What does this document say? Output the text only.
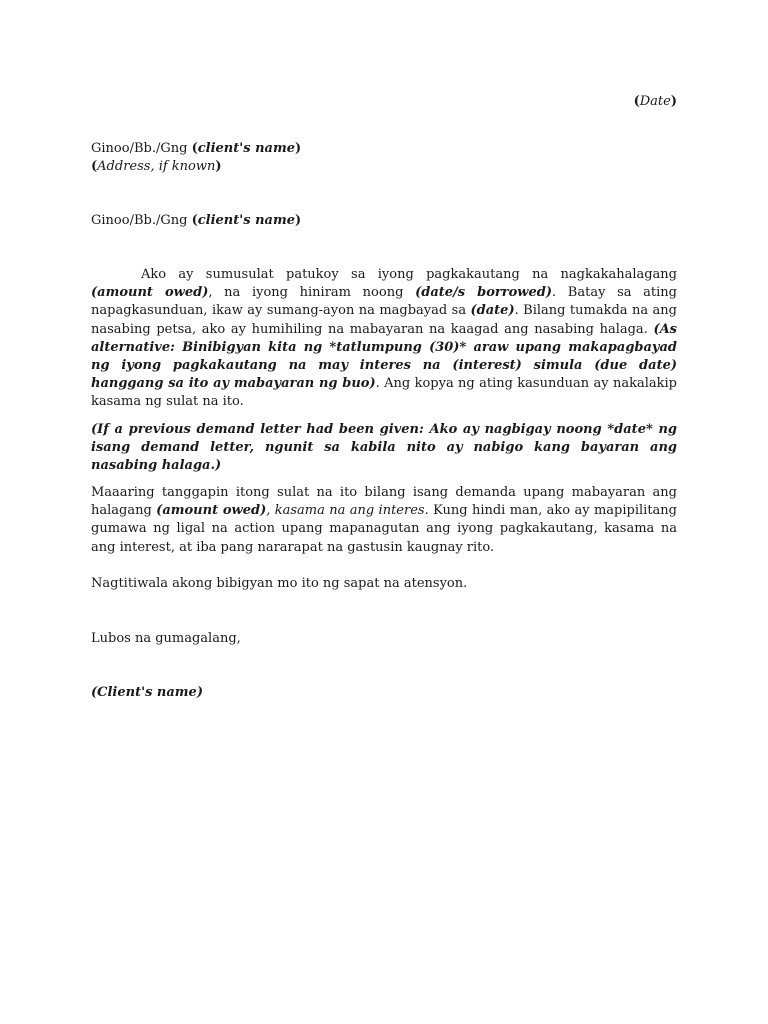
(Date)
Ginoo/Bb./Gng (client's name)
(Address, if known)
Ginoo/Bb./Gng (client's name)

Ako ay sumusulat patukoy sa iyong pagkakautang na nagkakahalagang (amount owed), na iyong hiniram noong (date/s borrowed). Batay sa ating napagkasunduan, ikaw ay sumang-ayon na magbayad sa (date). Bilang tumakda na ang nasabing petsa, ako ay humihiling na mabayaran na kaagad ang nasabing halaga. (As alternative: Binibigyan kita ng *tatlumpung (30)* araw upang makapagbayad ng iyong pagkakautang na may interes na (interest) simula (due date) hanggang sa ito ay mabayaran ng buo). Ang kopya ng ating kasunduan ay nakalakip kasama ng sulat na ito.

(If a previous demand letter had been given: Ako ay nagbigay noong *date* ng isang demand letter, ngunit sa kabila nito ay nabigo kang bayaran ang nasabing halaga.)

Maaaring tanggapin itong sulat na ito bilang isang demanda upang mabayaran ang halagang (amount owed), kasama na ang interes. Kung hindi man, ako ay mapipilitang gumawa ng ligal na action upang mapanagutan ang iyong pagkakautang, kasama na ang interest, at iba pang nararapat na gastusin kaugnay rito.

Nagtitiwala akong bibigyan mo ito ng sapat na atensyon.

Lubos na gumagalang,
(Client's name)
